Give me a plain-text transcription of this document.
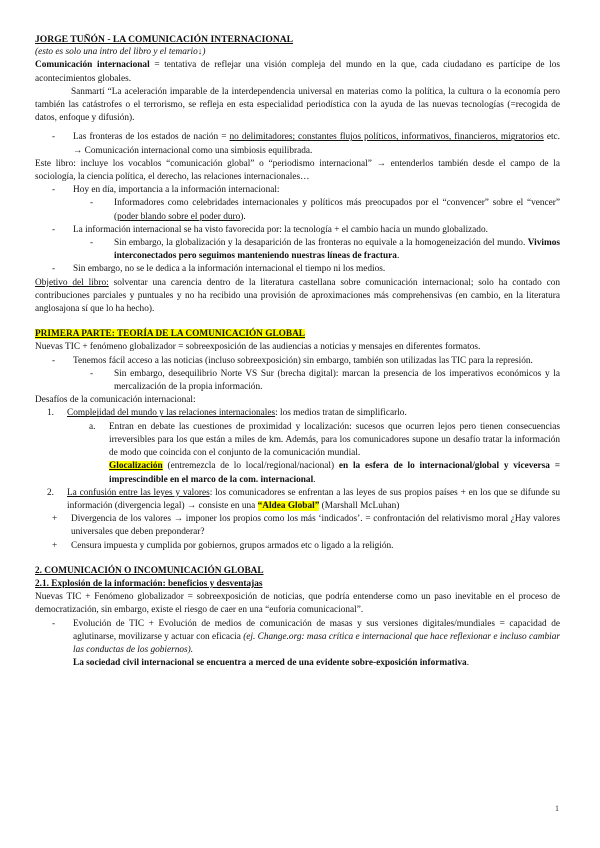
JORGE TUÑÓN - LA COMUNICACIÓN INTERNACIONAL

(esto es solo una intro del libro y el temario↓)

Comunicación internacional = tentativa de reflejar una visión compleja del mundo en la que, cada ciudadano es partícipe de los acontecimientos globales.

Sanmartí “La aceleración imparable de la interdependencia universal en materias como la política, la cultura o la economía pero también las catástrofes o el terrorismo, se refleja en esta especialidad periodística con la ayuda de las nuevas tecnologías (=recogida de datos, enfoque y difusión).

-	Las fronteras de los estados de nación = no delimitadores; constantes flujos políticos, informativos, financieros, migratorios etc. → Comunicación internacional como una simbiosis equilibrada.

Este libro: incluye los vocablos “comunicación global” o “periodismo internacional” → entenderlos también desde el campo de la sociología, la ciencia política, el derecho, las relaciones internacionales…

-	Hoy en día, importancia a la información internacional:
-	Informadores como celebridades internacionales y políticos más preocupados por el “convencer” sobre el “vencer” (poder blando sobre el poder duro).
-	La información internacional se ha visto favorecida por: la tecnología + el cambio hacia un mundo globalizado.
-	Sin embargo, la globalización y la desaparición de las fronteras no equivale a la homogeneización del mundo. Vivimos interconectados pero seguimos manteniendo nuestras líneas de fractura.
-	Sin embargo, no se le dedica a la información internacional el tiempo ni los medios.

Objetivo del libro: solventar una carencia dentro de la literatura castellana sobre comunicación internacional; solo ha contado con contribuciones parciales y puntuales y no ha recibido una provisión de aproximaciones más comprehensivas (en cambio, en la literatura anglosajona sí que lo ha hecho).

PRIMERA PARTE: TEORÍA DE LA COMUNICACIÓN GLOBAL

Nuevas TIC + fenómeno globalizador = sobreexposición de las audiencias a noticias y mensajes en diferentes formatos.

-	Tenemos fácil acceso a las noticias (incluso sobreexposición) sin embargo, también son utilizadas las TIC para la represión.
-	Sin embargo, desequilibrio Norte VS Sur (brecha digital): marcan la presencia de los imperativos económicos y la mercalización de la propia información.

Desafíos de la comunicación internacional:

1.	Complejidad del mundo y las relaciones internacionales: los medios tratan de simplificarlo.
a.	Entran en debate las cuestiones de proximidad y localización: sucesos que ocurren lejos pero tienen consecuencias irreversibles para los que están a miles de km. Además, para los comunicadores supone un desafío tratar la información de modo que coincida con el conjunto de la comunicación mundial.
Glocalización (entremezcla de lo local/regional/nacional) en la esfera de lo internacional/global y viceversa = imprescindible en el marco de la com. internacional.
2.	La confusión entre las leyes y valores: los comunicadores se enfrentan a las leyes de sus propios países + en los que se difunde su información (divergencia legal) → consiste en una “Aldea Global” (Marshall McLuhan)
+	Divergencia de los valores → imponer los propios como los más ‘indicados’. = confrontación del relativismo moral ¿Hay valores universales que deben preponderar?
+	Censura impuesta y cumplida por gobiernos, grupos armados etc o ligado a la religión.

2. COMUNICACIÓN O INCOMUNICACIÓN GLOBAL

2.1. Explosión de la información: beneficios y desventajas

Nuevas TIC + Fenómeno globalizador = sobreexposición de noticias, que podría entenderse como un paso inevitable en el proceso de democratización, sin embargo, existe el riesgo de caer en una “euforia comunicacional”.

-	Evolución de TIC + Evolución de medios de comunicación de masas y sus versiones digitales/mundiales = capacidad de aglutinarse, movilizarse y actuar con eficacia (ej. Change.org: masa crítica e internacional que hace reflexionar e incluso cambiar las conductas de los gobiernos).
La sociedad civil internacional se encuentra a merced de una evidente sobre-exposición informativa.
1
